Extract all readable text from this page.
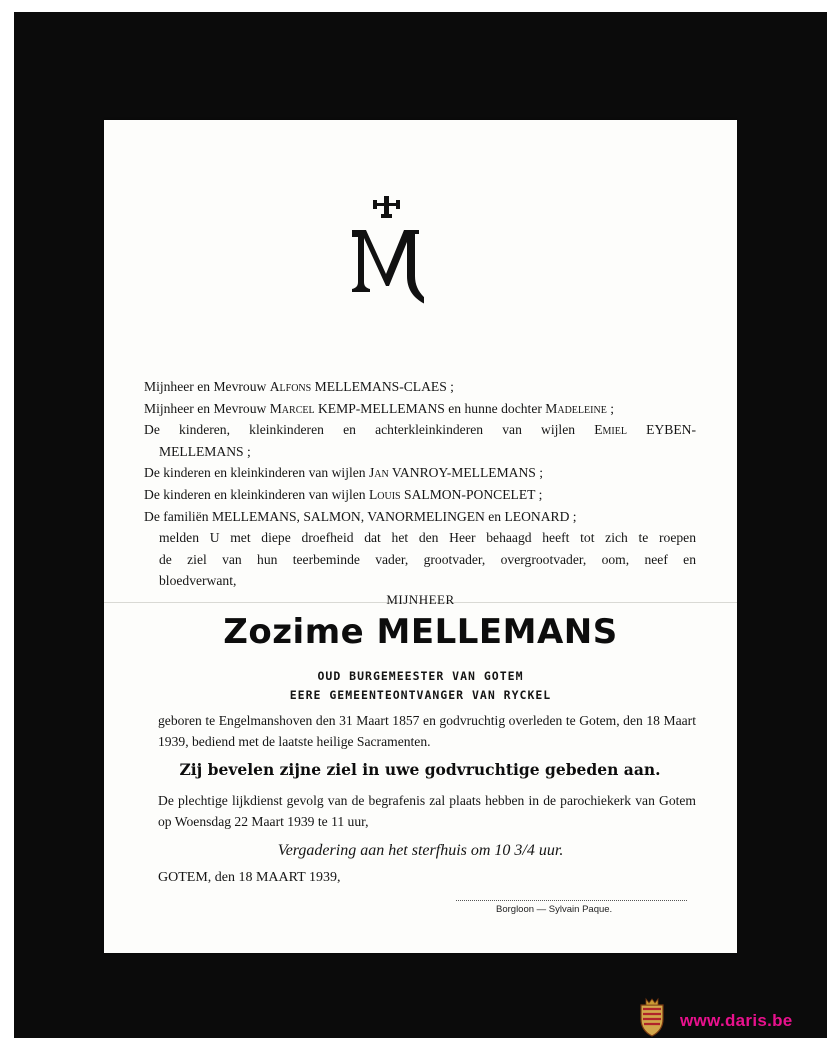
Mijnheer en Mevrouw Alfons MELLEMANS-CLAES ;
Mijnheer en Mevrouw Marcel KEMP-MELLEMANS en hunne dochter Madeleine ;
De kinderen, kleinkinderen en achterkleinkinderen van wijlen Emiel EYBEN-
MELLEMANS ;
De kinderen en kleinkinderen van wijlen Jan VANROY-MELLEMANS ;
De kinderen en kleinkinderen van wijlen Louis SALMON-PONCELET ;
De familiën MELLEMANS, SALMON, VANORMELINGEN en LEONARD ;
melden U met diepe droefheid dat het den Heer behaagd heeft tot zich te roepen
de ziel van hun teerbeminde vader, grootvader, overgrootvader, oom, neef en
bloedverwant,
MIJNHEER
Zozime MELLEMANS
OUD BURGEMEESTER VAN GOTEM
EERE GEMEENTEONTVANGER VAN RYCKEL
geboren te Engelmanshoven den 31 Maart 1857 en godvruchtig overleden te Gotem, den 18 Maart 1939, bediend met de laatste heilige Sacramenten.
Zij bevelen zijne ziel in uwe godvruchtige gebeden aan.
De plechtige lijkdienst gevolg van de begrafenis zal plaats hebben in de parochiekerk van Gotem op Woensdag 22 Maart 1939 te 11 uur,
Vergadering aan het sterfhuis om 10 3/4 uur.
GOTEM, den 18 MAART 1939,
Borgloon — Sylvain Paque.
www.daris.be
